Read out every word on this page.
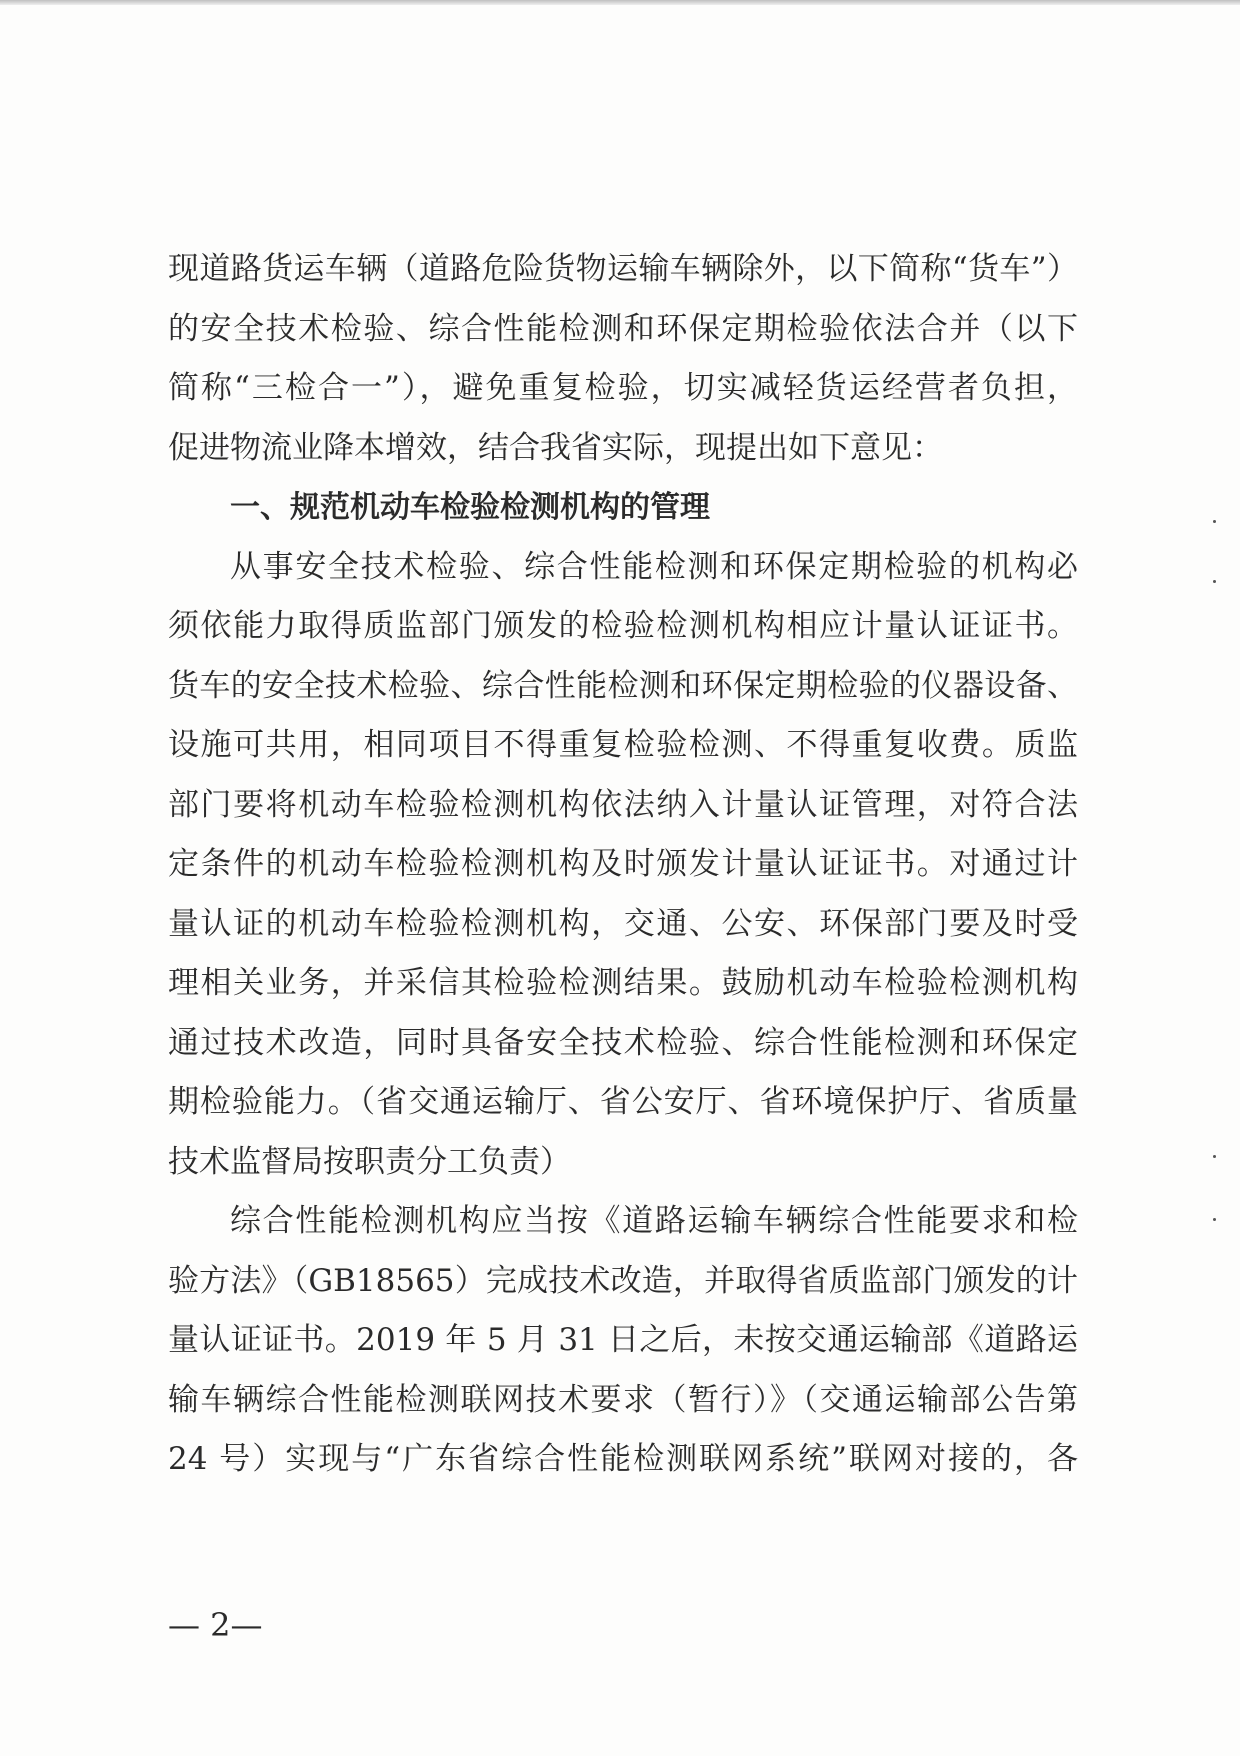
现道路货运车辆（道路危险货物运输车辆除外，以下简称“货车”）
的安全技术检验、综合性能检测和环保定期检验依法合并（以下
简称“三检合一”），避免重复检验，切实减轻货运经营者负担，
促进物流业降本增效，结合我省实际，现提出如下意见：
一、规范机动车检验检测机构的管理
从事安全技术检验、综合性能检测和环保定期检验的机构必
须依能力取得质监部门颁发的检验检测机构相应计量认证证书。
货车的安全技术检验、综合性能检测和环保定期检验的仪器设备、
设施可共用，相同项目不得重复检验检测、不得重复收费。质监
部门要将机动车检验检测机构依法纳入计量认证管理，对符合法
定条件的机动车检验检测机构及时颁发计量认证证书。对通过计
量认证的机动车检验检测机构，交通、公安、环保部门要及时受
理相关业务，并采信其检验检测结果。鼓励机动车检验检测机构
通过技术改造，同时具备安全技术检验、综合性能检测和环保定
期检验能力。（省交通运输厅、省公安厅、省环境保护厅、省质量
技术监督局按职责分工负责）
综合性能检测机构应当按《道路运输车辆综合性能要求和检
验方法》（GB18565）完成技术改造，并取得省质监部门颁发的计
量认证证书。2019 年 5 月 31 日之后，未按交通运输部《道路运
输车辆综合性能检测联网技术要求（暂行）》（交通运输部公告第
24 号）实现与“广东省综合性能检测联网系统”联网对接的，各
— 2—
